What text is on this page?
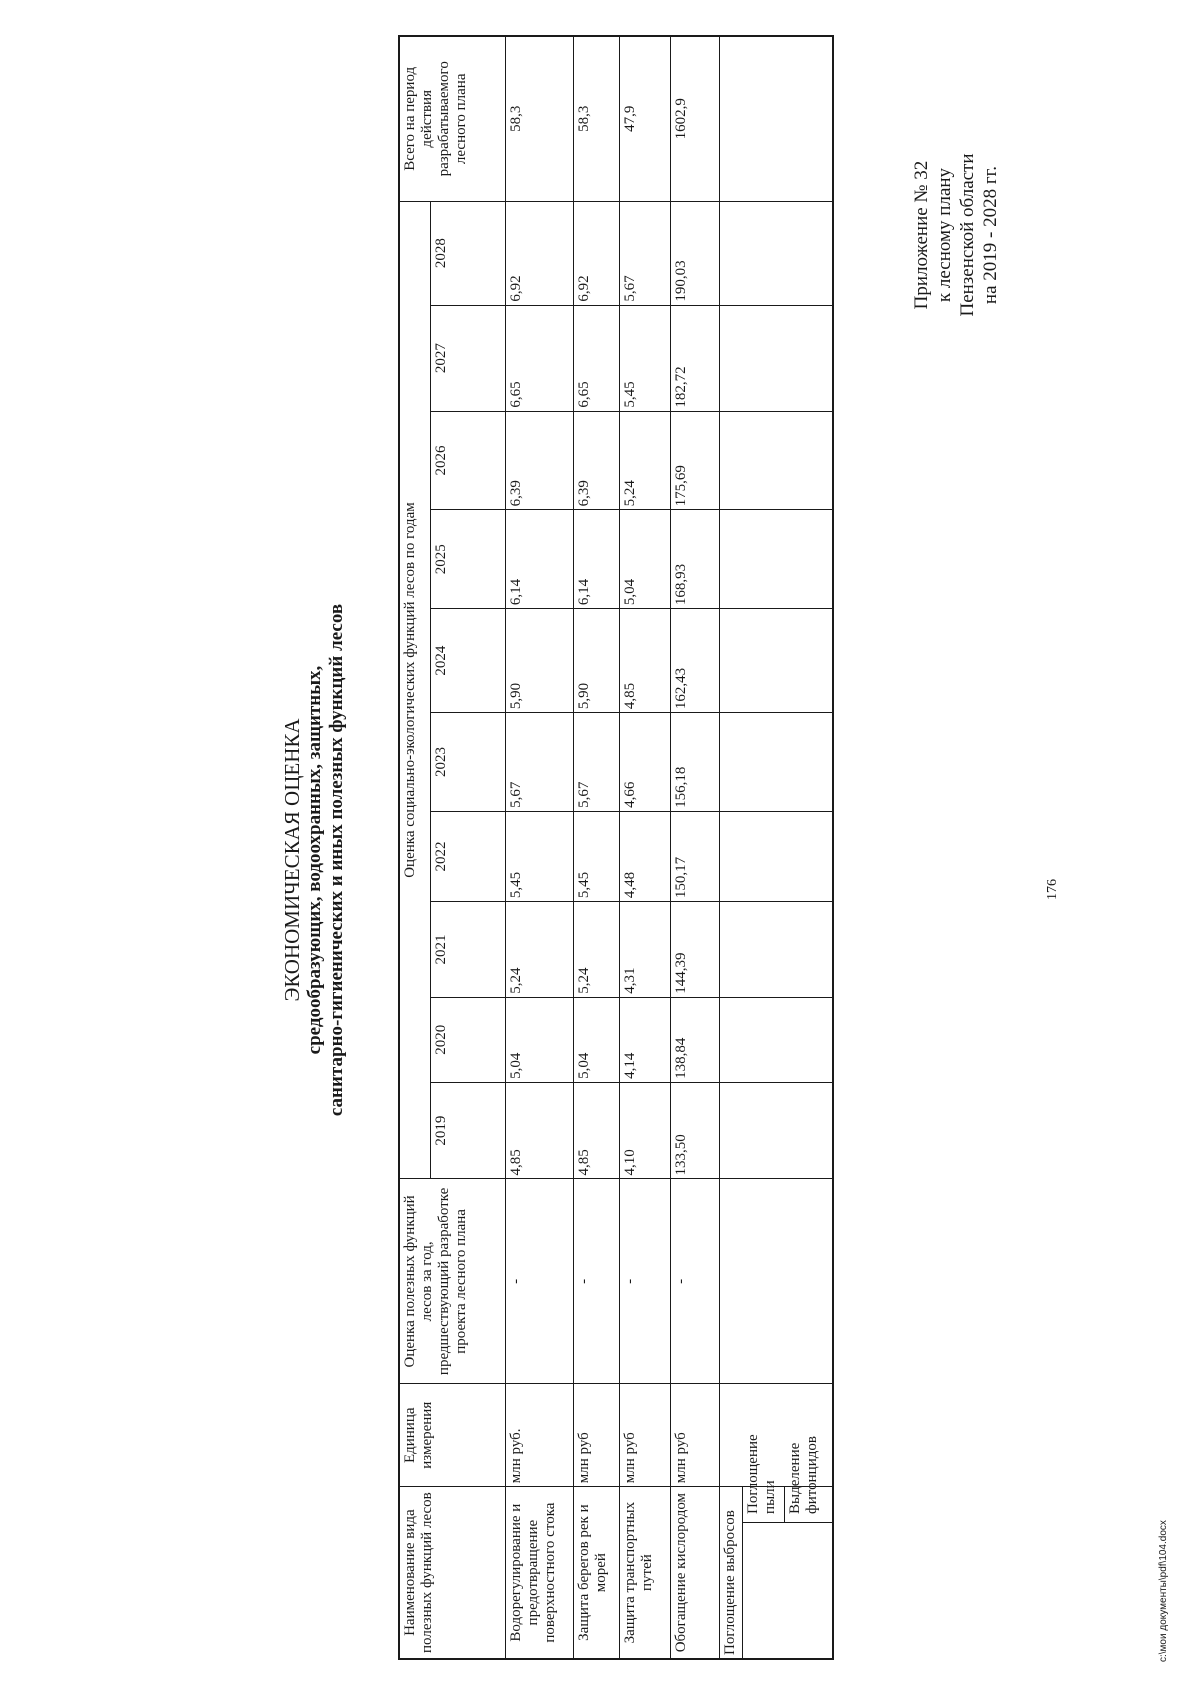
176
Приложение № 32 к лесному плану Пензенской области на 2019 - 2028 гг.
ЭКОНОМИЧЕСКАЯ ОЦЕНКА средообразующих, водоохранных, защитных, санитарно-гигиенических и иных полезных функций лесов
Наименование вида полезных функций лесов		Единица измерения	Оценка полезных функций лесов за год, предшествующий разработке проекта лесного плана	Оценка социально-экологических функций лесов по годам										Всего на период действия разрабатываемого лесного плана
				2019	2020	2021	2022	2023	2024	2025	2026	2027	2028	
Водорегулирование и предотвращение поверхностного стока		млн руб.	-	4,85	5,04	5,24	5,45	5,67	5,90	6,14	6,39	6,65	6,92	58,3
Защита берегов рек и морей		млн руб	-	4,85	5,04	5,24	5,45	5,67	5,90	6,14	6,39	6,65	6,92	58,3
Защита транспортных путей		млн руб	-	4,10	4,14	4,31	4,48	4,66	4,85	5,04	5,24	5,45	5,67	47,9
Обогащение кислородом		млн руб	-	133,50	138,84	144,39	150,17	156,18	162,43	168,93	175,69	182,72	190,03	1602,9
Поглощение выбросов														
	Поглощение пыли													
	Выделение фитонцидов													
c:\мои документы\pdf\104.docx
